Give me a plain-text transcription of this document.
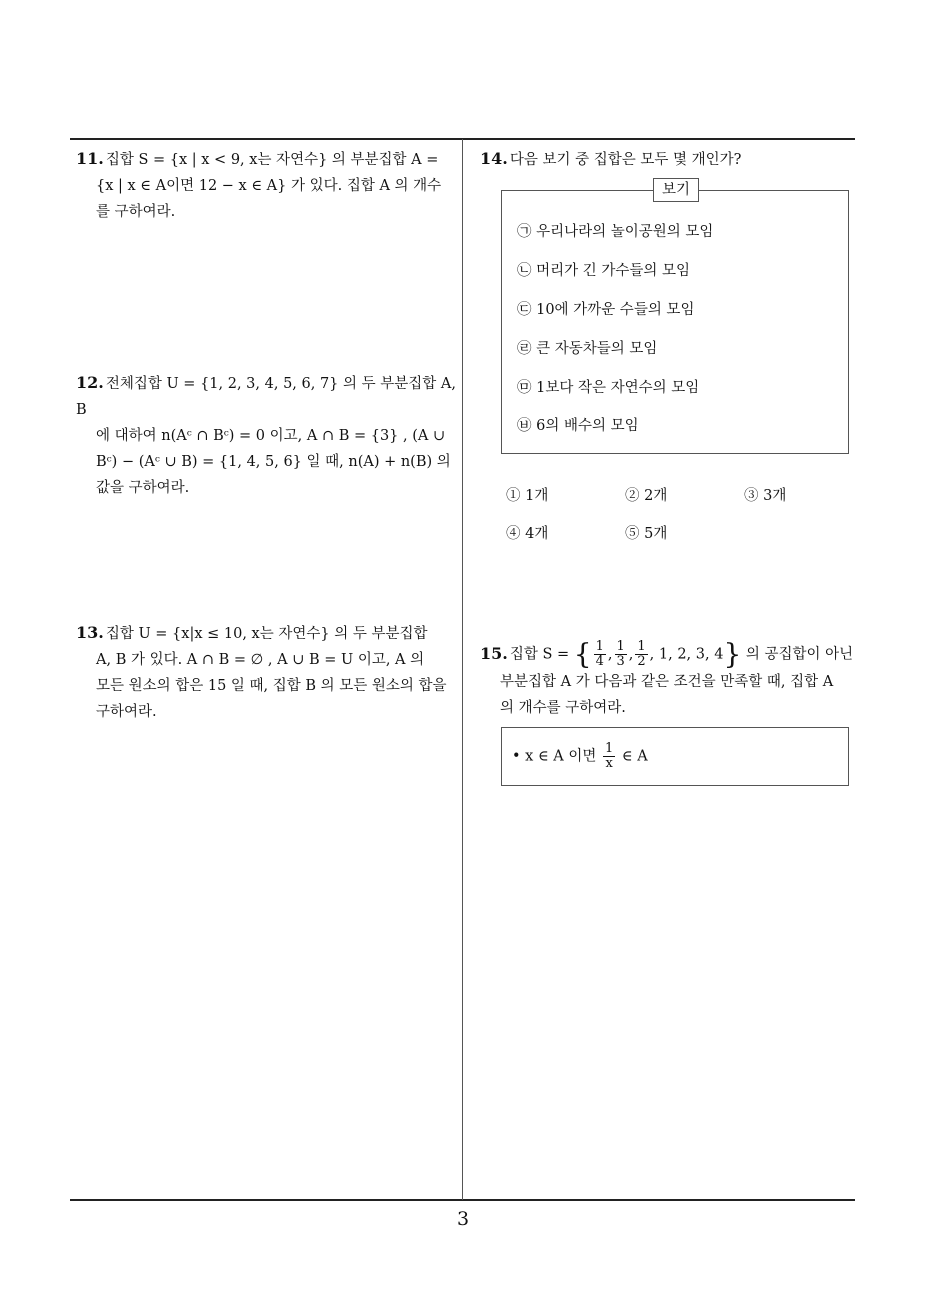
11. 집합 S = {x | x < 9, x는 자연수} 의 부분집합 A =
{x | x ∈ A이면 12 − x ∈ A} 가 있다. 집합 A 의 개수
를 구하여라.
12. 전체집합 U = {1, 2, 3, 4, 5, 6, 7} 의 두 부분집합 A, B
에 대하여 n(Aᶜ ∩ Bᶜ) = 0 이고, A ∩ B = {3} , (A ∪
Bᶜ) − (Aᶜ ∪ B) = {1, 4, 5, 6} 일 때, n(A) + n(B) 의
값을 구하여라.
13. 집합 U = {x|x ≤ 10, x는 자연수} 의 두 부분집합
A, B 가 있다. A ∩ B = ∅ , A ∪ B = U 이고, A 의
모든 원소의 합은 15 일 때, 집합 B 의 모든 원소의 합을
구하여라.
14. 다음 보기 중 집합은 모두 몇 개인가?
보기
㉠ 우리나라의 놀이공원의 모임
㉡ 머리가 긴 가수들의 모임
㉢ 10에 가까운 수들의 모임
㉣ 큰 자동차들의 모임
㉤ 1보다 작은 자연수의 모임
㉥ 6의 배수의 모임
① 1개	② 2개	③ 3개
④ 4개	⑤ 5개
15. 집합 S = { $\frac{1}{4}$ , $\frac{1}{3}$ , $\frac{1}{2}$ , 1, 2, 3, 4} 의 공집합이 아닌
부분집합 A 가 다음과 같은 조건을 만족할 때, 집합 A
의 개수를 구하여라.
• x ∈ A 이면 $\frac{1}{x}$ ∈ A
3
